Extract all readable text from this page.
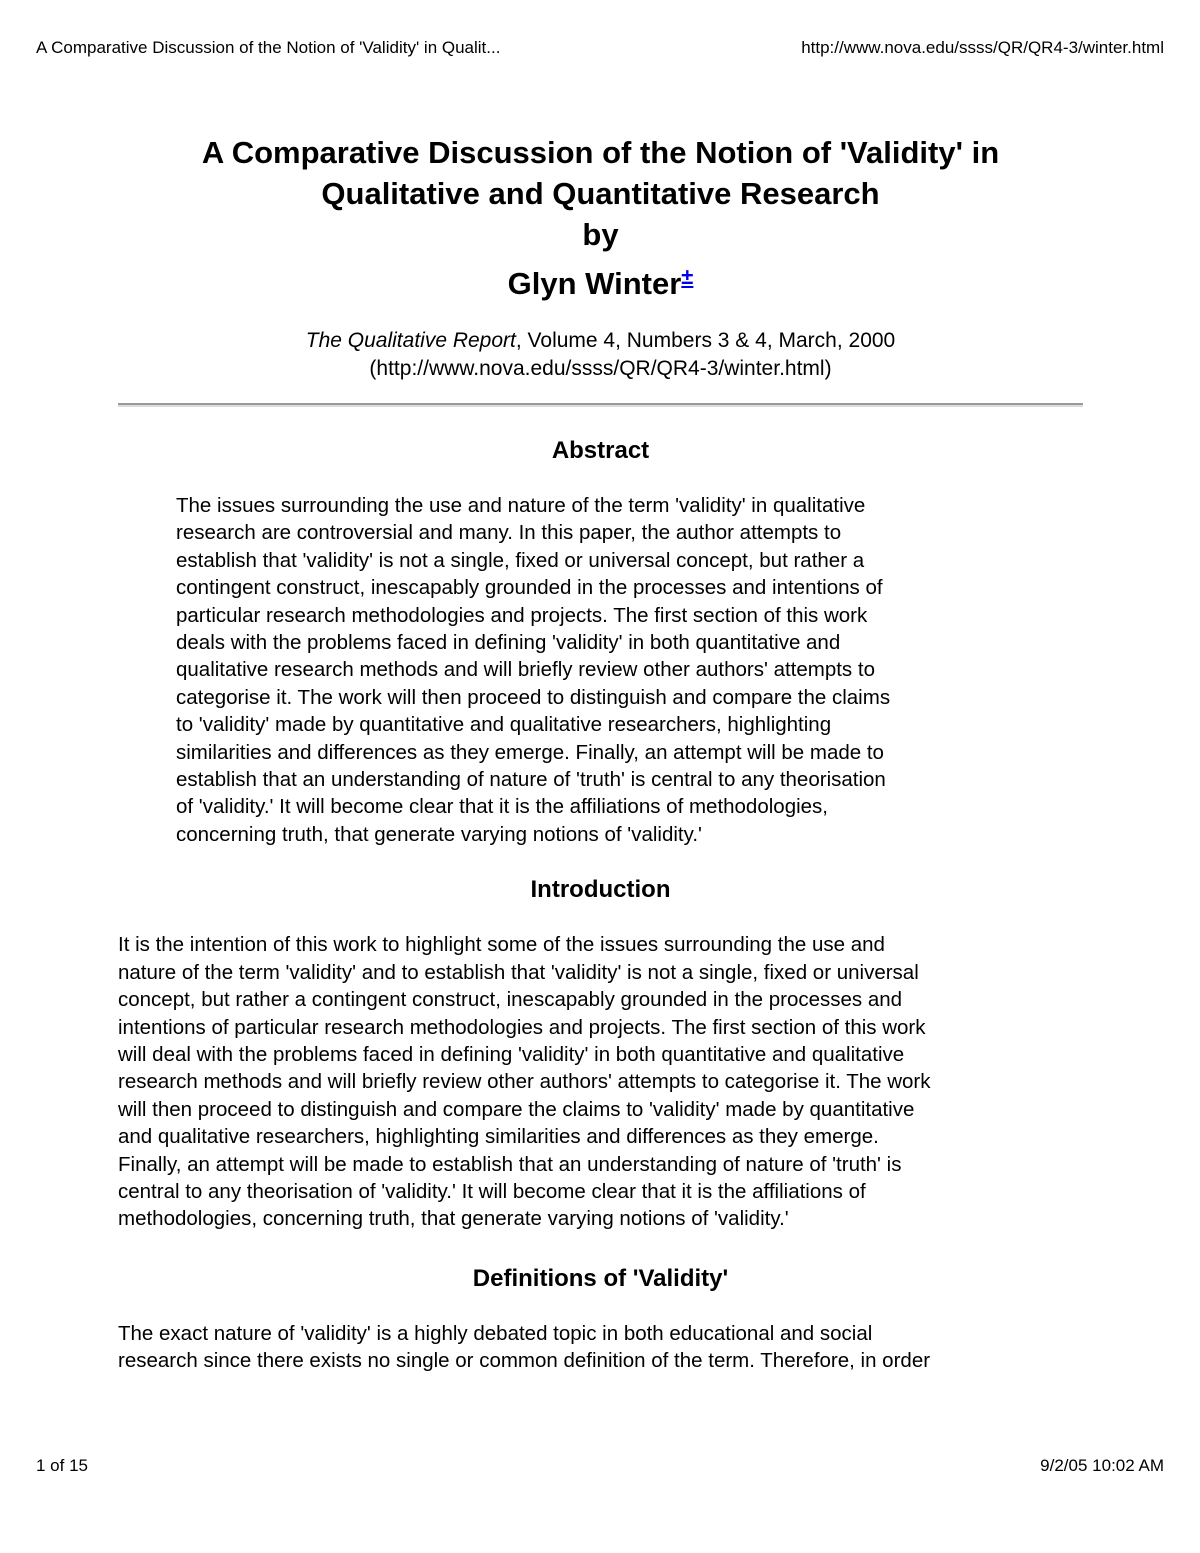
A Comparative Discussion of the Notion of 'Validity' in Qualit...	http://www.nova.edu/ssss/QR/QR4-3/winter.html
A Comparative Discussion of the Notion of 'Validity' in
Qualitative and Quantitative Research

by

Glyn Winter±

The Qualitative Report, Volume 4, Numbers 3 & 4, March, 2000
(http://www.nova.edu/ssss/QR/QR4-3/winter.html)

Abstract
The issues surrounding the use and nature of the term 'validity' in qualitative
research are controversial and many. In this paper, the author attempts to
establish that 'validity' is not a single, fixed or universal concept, but rather a
contingent construct, inescapably grounded in the processes and intentions of
particular research methodologies and projects. The first section of this work
deals with the problems faced in defining 'validity' in both quantitative and
qualitative research methods and will briefly review other authors' attempts to
categorise it. The work will then proceed to distinguish and compare the claims
to 'validity' made by quantitative and qualitative researchers, highlighting
similarities and differences as they emerge. Finally, an attempt will be made to
establish that an understanding of nature of 'truth' is central to any theorisation
of 'validity.' It will become clear that it is the affiliations of methodologies,
concerning truth, that generate varying notions of 'validity.'
Introduction
It is the intention of this work to highlight some of the issues surrounding the use and
nature of the term 'validity' and to establish that 'validity' is not a single, fixed or universal
concept, but rather a contingent construct, inescapably grounded in the processes and
intentions of particular research methodologies and projects. The first section of this work
will deal with the problems faced in defining 'validity' in both quantitative and qualitative
research methods and will briefly review other authors' attempts to categorise it. The work
will then proceed to distinguish and compare the claims to 'validity' made by quantitative
and qualitative researchers, highlighting similarities and differences as they emerge.
Finally, an attempt will be made to establish that an understanding of nature of 'truth' is
central to any theorisation of 'validity.' It will become clear that it is the affiliations of
methodologies, concerning truth, that generate varying notions of 'validity.'
Definitions of 'Validity'
The exact nature of 'validity' is a highly debated topic in both educational and social
research since there exists no single or common definition of the term. Therefore, in order
1 of 15	9/2/05 10:02 AM
